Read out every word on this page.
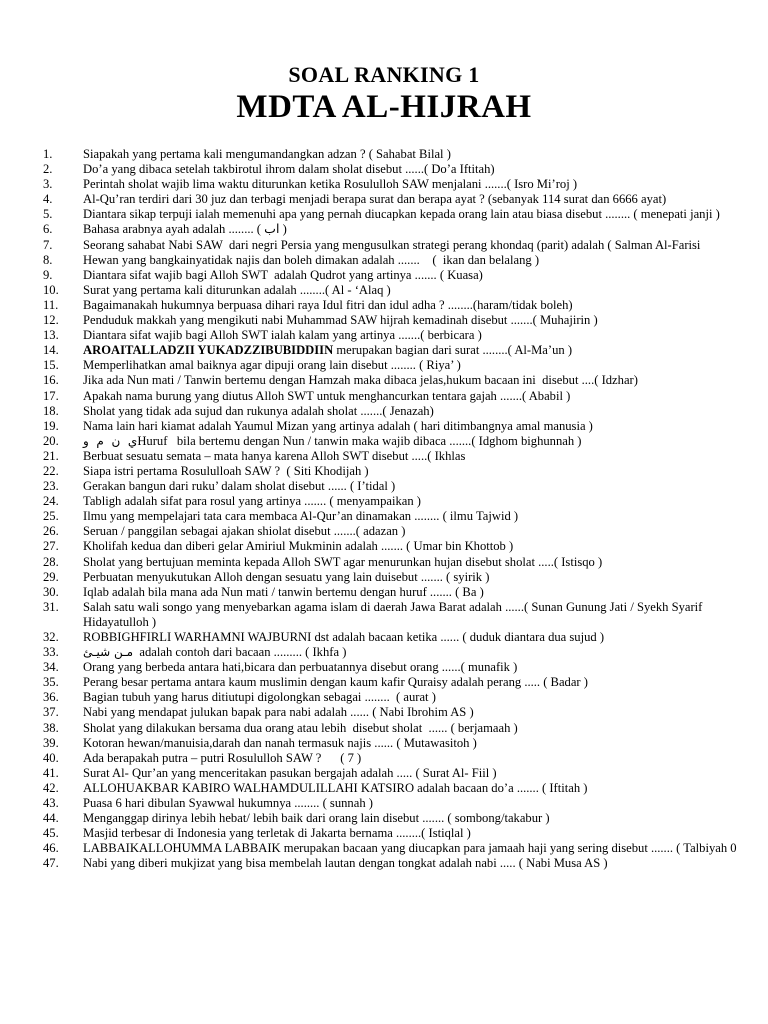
SOAL RANKING 1
MDTA AL-HIJRAH
1.	Siapakah yang pertama kali mengumandangkan adzan ? ( Sahabat Bilal )
2.	Do’a yang dibaca setelah takbirotul ihrom dalam sholat disebut ......( Do’a Iftitah)
3.	Perintah sholat wajib lima waktu diturunkan ketika Rosululloh SAW menjalani .......( Isro Mi’roj )
4.	Al-Qu’ran terdiri dari 30 juz dan terbagi menjadi berapa surat dan berapa ayat ? (sebanyak 114 surat dan 6666 ayat)
5.	Diantara sikap terpuji ialah memenuhi apa yang pernah diucapkan kepada orang lain atau biasa disebut ........ ( menepati janji )
6.	Bahasa arabnya ayah adalah ........ ( اب )
7.	Seorang sahabat Nabi SAW  dari negri Persia yang mengusulkan strategi perang khondaq (parit) adalah ( Salman Al-Farisi
8.	Hewan yang bangkainyatidak najis dan boleh dimakan adalah .......    (  ikan dan belalang )
9.	Diantara sifat wajib bagi Alloh SWT  adalah Qudrot yang artinya ....... ( Kuasa)
10.	Surat yang pertama kali diturunkan adalah ........( Al - ‘Alaq )
11.	Bagaimanakah hukumnya berpuasa dihari raya Idul fitri dan idul adha ? ........(haram/tidak boleh)
12.	Penduduk makkah yang mengikuti nabi Muhammad SAW hijrah kemadinah disebut .......( Muhajirin )
13.	Diantara sifat wajib bagi Alloh SWT ialah kalam yang artinya .......( berbicara )
14.	AROAITALLADZII YUKADZZIBUBIDDIIN merupakan bagian dari surat ........( Al-Ma’un )
15.	Memperlihatkan amal baiknya agar dipuji orang lain disebut ........ ( Riya’ )
16.	Jika ada Nun mati / Tanwin bertemu dengan Hamzah maka dibaca jelas,hukum bacaan ini  disebut ....( Idzhar)
17.	Apakah nama burung yang diutus Alloh SWT untuk menghancurkan tentara gajah .......( Ababil )
18.	Sholat yang tidak ada sujud dan rukunya adalah sholat .......( Jenazah)
19.	Nama lain hari kiamat adalah Yaumul Mizan yang artinya adalah ( hari ditimbangnya amal manusia )
20.	ي  ن  م  وHuruf   bila bertemu dengan Nun / tanwin maka wajib dibaca .......( Idghom bighunnah )
21.	Berbuat sesuatu semata – mata hanya karena Alloh SWT disebut .....( Ikhlas
22.	Siapa istri pertama Rosululloah SAW ?  ( Siti Khodijah )
23.	Gerakan bangun dari ruku’ dalam sholat disebut ...... ( I’tidal )
24.	Tabligh adalah sifat para rosul yang artinya ....... ( menyampaikan )
25.	Ilmu yang mempelajari tata cara membaca Al-Qur’an dinamakan ........ ( ilmu Tajwid )
26.	Seruan / panggilan sebagai ajakan shiolat disebut .......( adazan )
27.	Kholifah kedua dan diberi gelar Amiriul Mukminin adalah ....... ( Umar bin Khottob )
28.	Sholat yang bertujuan meminta kepada Alloh SWT agar menurunkan hujan disebut sholat .....( Istisqo )
29.	Perbuatan menyukutukan Alloh dengan sesuatu yang lain duisebut ....... ( syirik )
30.	Iqlab adalah bila mana ada Nun mati / tanwin bertemu dengan huruf ....... ( Ba )
31.	Salah satu wali songo yang menyebarkan agama islam di daerah Jawa Barat adalah ......( Sunan Gunung Jati / Syekh Syarif Hidayatulloh )
32.	ROBBIGHFIRLI WARHAMNI WAJBURNI dst adalah bacaan ketika ...... ( duduk diantara dua sujud )
33.	مـن شيـئ  adalah contoh dari bacaan ......... ( Ikhfa )
34.	Orang yang berbeda antara hati,bicara dan perbuatannya disebut orang ......( munafik )
35.	Perang besar pertama antara kaum muslimin dengan kaum kafir Quraisy adalah perang ..... ( Badar )
36.	Bagian tubuh yang harus ditiutupi digolongkan sebagai ........  ( aurat )
37.	Nabi yang mendapat julukan bapak para nabi adalah ...... ( Nabi Ibrohim AS )
38.	Sholat yang dilakukan bersama dua orang atau lebih  disebut sholat  ...... ( berjamaah )
39.	Kotoran hewan/manuisia,darah dan nanah termasuk najis ...... ( Mutawasitoh )
40.	Ada berapakah putra – putri Rosululloh SAW ?      ( 7 )
41.	Surat Al- Qur’an yang menceritakan pasukan bergajah adalah ..... ( Surat Al- Fiil )
42.	ALLOHUAKBAR KABIRO WALHAMDULILLAHI KATSIRO adalah bacaan do’a ....... ( Iftitah )
43.	Puasa 6 hari dibulan Syawwal hukumnya ........ ( sunnah )
44.	Menganggap dirinya lebih hebat/ lebih baik dari orang lain disebut ....... ( sombong/takabur )
45.	Masjid terbesar di Indonesia yang terletak di Jakarta bernama ........( Istiqlal )
46.	LABBAIKALLOHUMMA LABBAIK merupakan bacaan yang diucapkan para jamaah haji yang sering disebut ....... ( Talbiyah 0
47.	Nabi yang diberi mukjizat yang bisa membelah lautan dengan tongkat adalah nabi ..... ( Nabi Musa AS )
